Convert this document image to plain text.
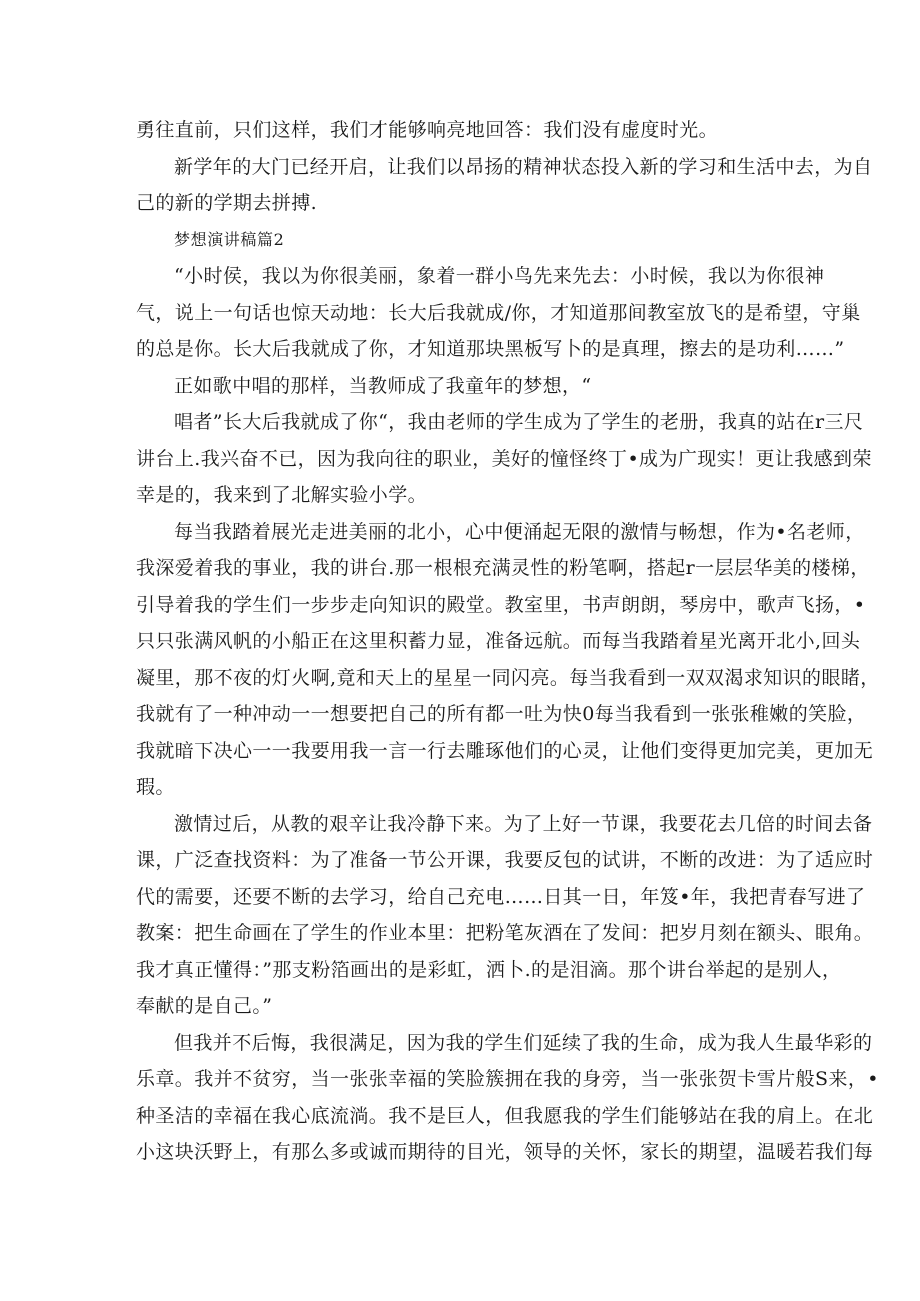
勇往直前，只们这样，我们才能够响亮地回答：我们没有虚度时光。
新学年的大门已经开启，让我们以昂扬的精神状态投入新的学习和生活中去，为自
己的新的学期去拼搏.
梦想演讲稿篇2
“小时侯，我以为你很美丽，象着一群小鸟先来先去：小时候，我以为你很神
气，说上一句话也惊天动地：长大后我就成/你，才知道那间教室放飞的是希望，守巢
的总是你。长大后我就成了你，才知道那块黑板写卜的是真理，擦去的是功利……”
正如歌中唱的那样，当教师成了我童年的梦想，“
唱者”长大后我就成了你“，我由老师的学生成为了学生的老册，我真的站在r三尺
讲台上.我兴奋不已，因为我向往的职业，美好的憧怪终丁•成为广现实！更让我感到荣
幸是的，我来到了北解实验小学。
每当我踏着展光走进美丽的北小，心中便涌起无限的激情与畅想，作为•名老师，
我深爱着我的事业，我的讲台.那一根根充满灵性的粉笔啊，搭起r一层层华美的楼梯，
引导着我的学生们一步步走向知识的殿堂。教室里，书声朗朗，琴房中，歌声飞扬，•
只只张满风帆的小船正在这里积蓄力显，准备远航。而每当我踏着星光离开北小,回头
凝里，那不夜的灯火啊,竟和天上的星星一同闪亮。每当我看到一双双渴求知识的眼睹，
我就有了一种冲动一一想要把自己的所有都一吐为快0每当我看到一张张稚嫩的笑脸，
我就暗下决心一一我要用我一言一行去雕琢他们的心灵，让他们变得更加完美，更加无
瑕。
激情过后，从教的艰辛让我冷静下来。为了上好一节课，我要花去几倍的时间去备
课，广泛查找资料：为了准备一节公开课，我要反包的试讲，不断的改进：为了适应时
代的需要，还要不断的去学习，给自己充电……日其一日，年笈•年，我把青春写进了
教案：把生命画在了学生的作业本里：把粉笔灰酒在了发间：把岁月刻在额头、眼角。
我才真正懂得：”那支粉箔画出的是彩虹，洒卜.的是泪滴。那个讲台举起的是别人，
奉献的是自己。”
但我并不后悔，我很满足，因为我的学生们延续了我的生命，成为我人生最华彩的
乐章。我并不贫穷，当一张张幸福的笑脸簇拥在我的身旁，当一张张贺卡雪片般S来，•
种圣洁的幸福在我心底流淌。我不是巨人，但我愿我的学生们能够站在我的肩上。在北
小这块沃野上，有那么多或诚而期待的目光，领导的关怀，家长的期望，温暖若我们每
